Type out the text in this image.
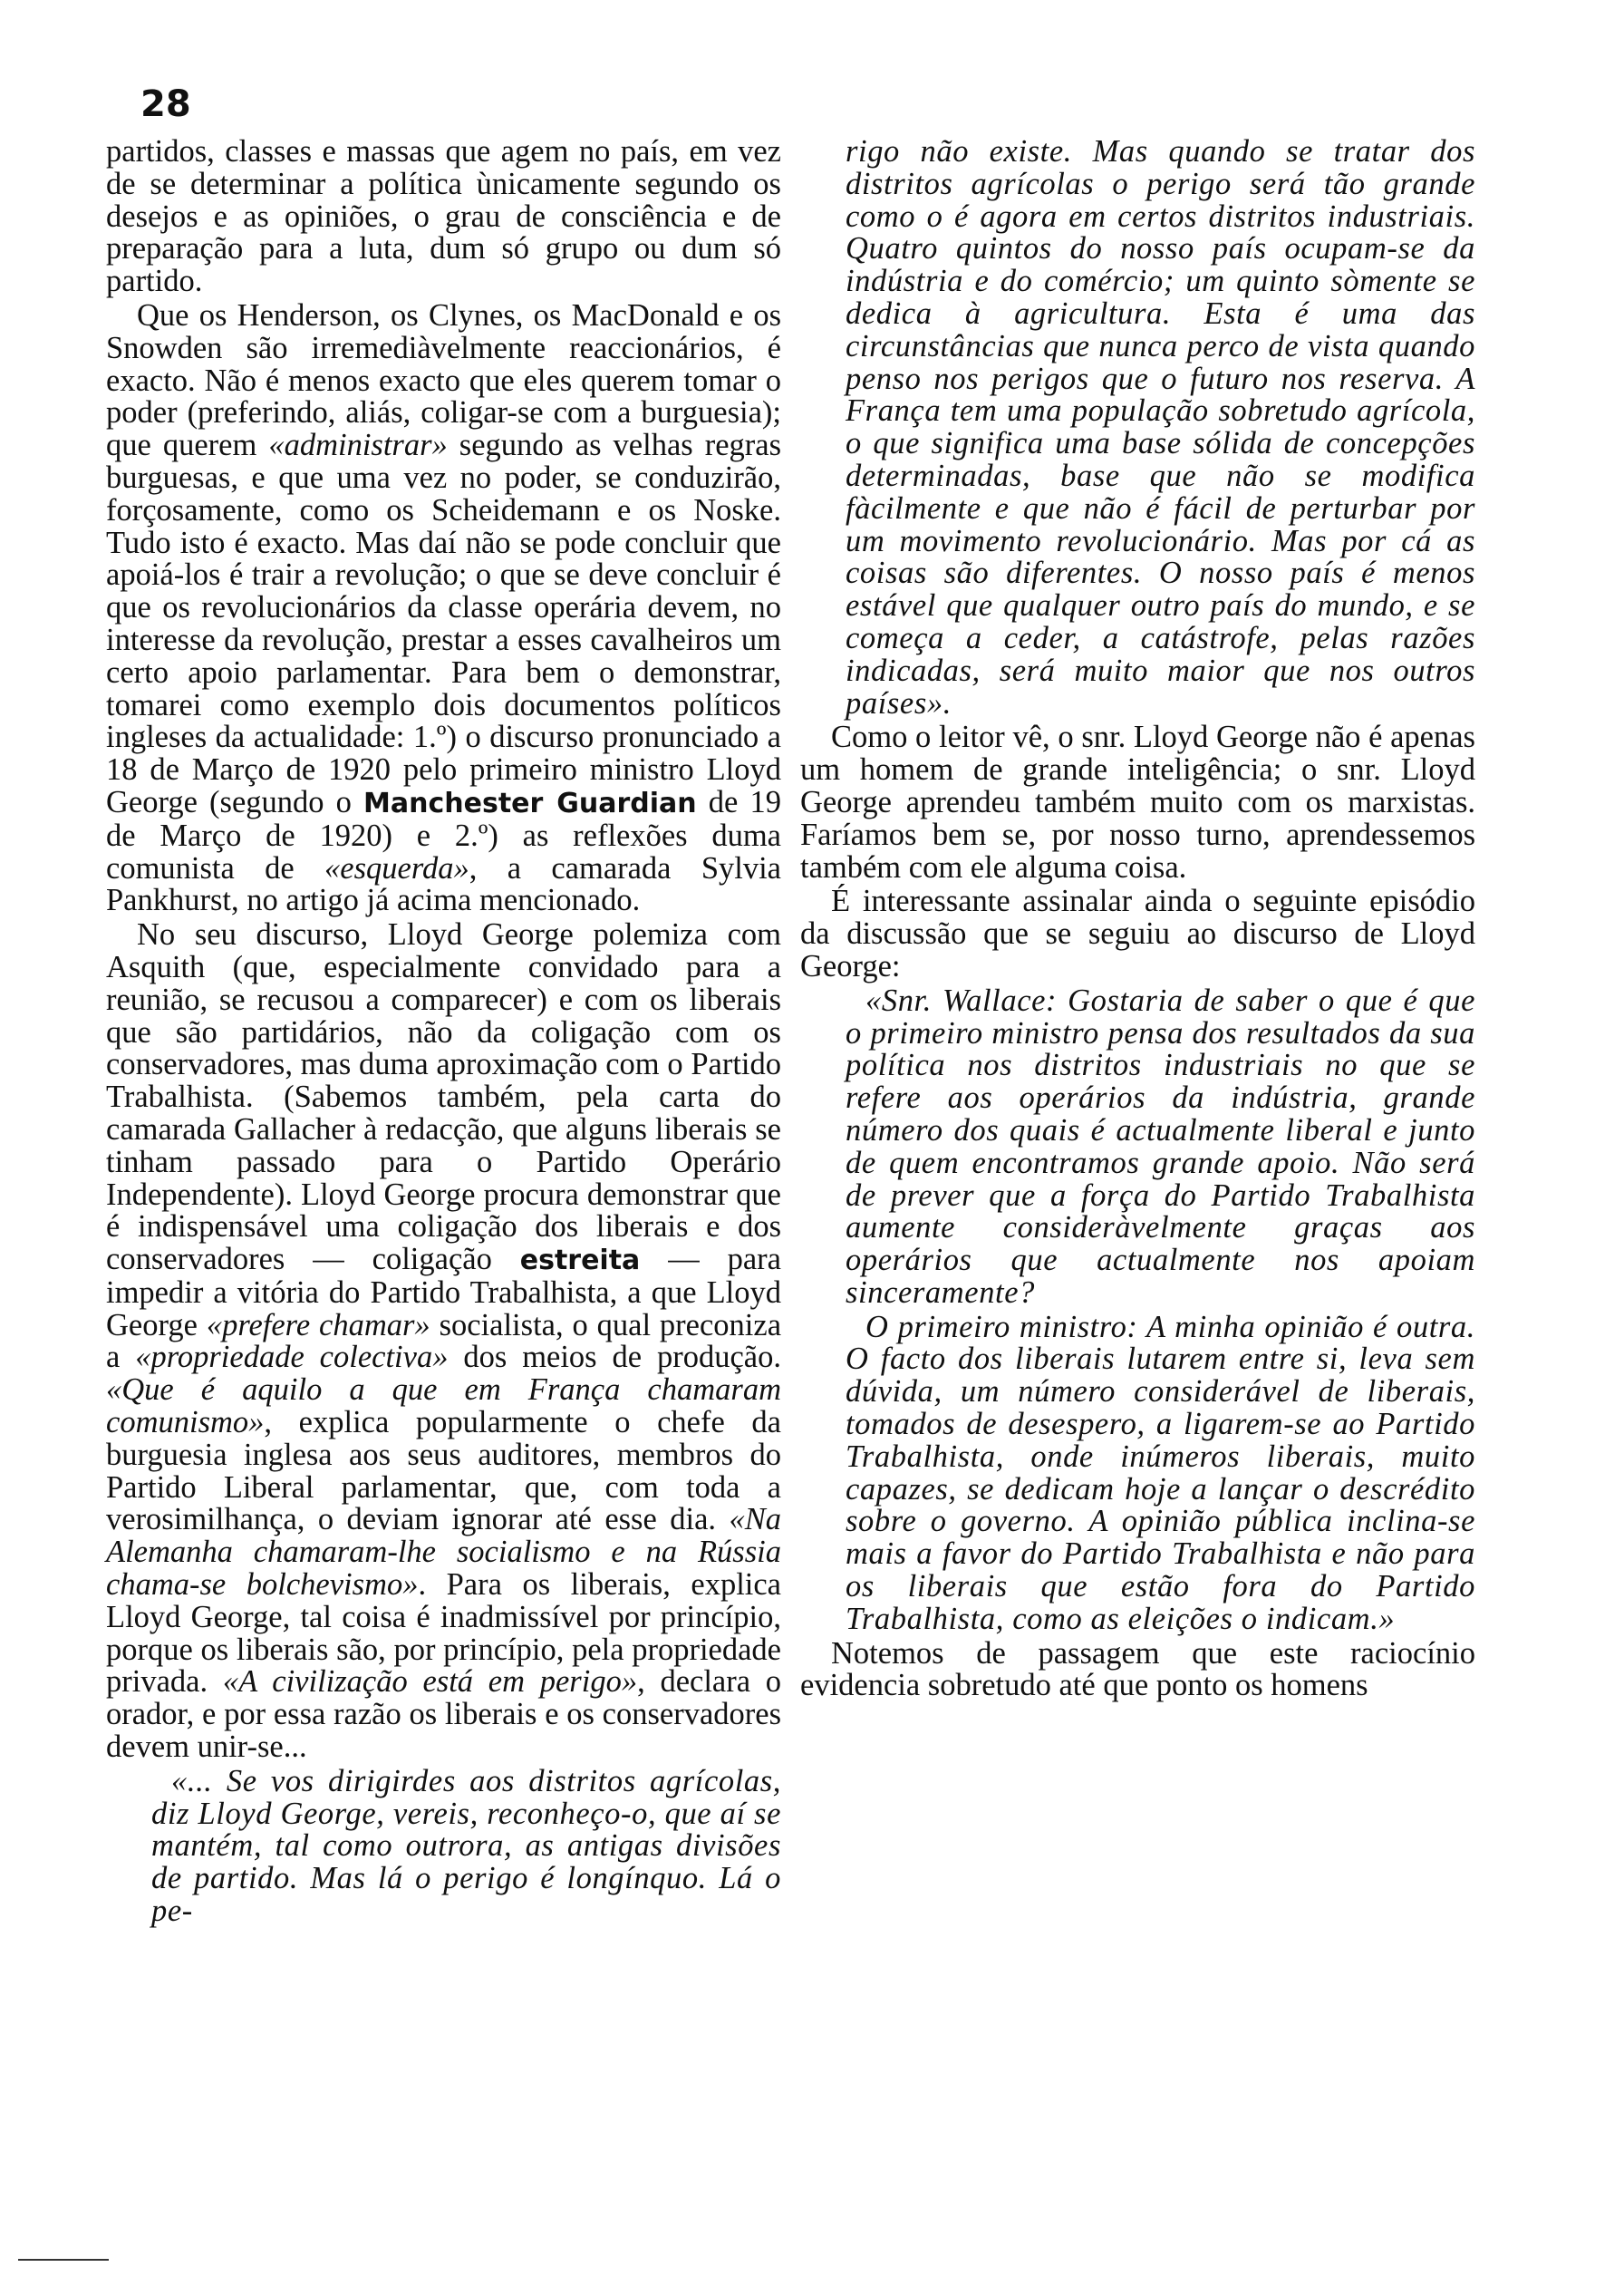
28

partidos, classes e massas que agem no país, em vez de se determinar a política ùnicamente segundo os desejos e as opiniões, o grau de consciência e de preparação para a luta, dum só grupo ou dum só partido.

Que os Henderson, os Clynes, os MacDonald e os Snowden são irremediàvelmente reaccionários, é exacto. Não é menos exacto que eles querem tomar o poder (preferindo, aliás, coligar-se com a burguesia); que querem «administrar» segundo as velhas regras burguesas, e que uma vez no poder, se conduzirão, forçosamente, como os Scheidemann e os Noske. Tudo isto é exacto. Mas daí não se pode concluir que apoiá-los é trair a revolução; o que se deve concluir é que os revolucionários da classe operária devem, no interesse da revolução, prestar a esses cavalheiros um certo apoio parlamentar. Para bem o demonstrar, tomarei como exemplo dois documentos políticos ingleses da actualidade: 1.º) o discurso pronunciado a 18 de Março de 1920 pelo primeiro ministro Lloyd George (segundo o Manchester Guardian de 19 de Março de 1920) e 2.º) as reflexões duma comunista de «esquerda», a camarada Sylvia Pankhurst, no artigo já acima mencionado.

No seu discurso, Lloyd George polemiza com Asquith (que, especialmente convidado para a reunião, se recusou a comparecer) e com os liberais que são partidários, não da coligação com os conservadores, mas duma aproximação com o Partido Trabalhista. (Sabemos também, pela carta do camarada Gallacher à redacção, que alguns liberais se tinham passado para o Partido Operário Independente). Lloyd George procura demonstrar que é indispensável uma coligação dos liberais e dos conservadores — coligação estreita — para impedir a vitória do Partido Trabalhista, a que Lloyd George «prefere chamar» socialista, o qual preconiza a «propriedade colectiva» dos meios de produção. «Que é aquilo a que em França chamaram comunismo», explica popularmente o chefe da burguesia inglesa aos seus auditores, membros do Partido Liberal parlamentar, que, com toda a verosimilhança, o deviam ignorar até esse dia. «Na Alemanha chamaram-lhe socialismo e na Rússia chama-se bolchevismo». Para os liberais, explica Lloyd George, tal coisa é inadmissível por princípio, porque os liberais são, por princípio, pela propriedade privada. «A civilização está em perigo», declara o orador, e por essa razão os liberais e os conservadores devem unir-se...

«... Se vos dirigirdes aos distritos agrícolas, diz Lloyd George, vereis, reconheço-o, que aí se mantém, tal como outrora, as antigas divisões de partido. Mas lá o perigo é longínquo. Lá o pe-

rigo não existe. Mas quando se tratar dos distritos agrícolas o perigo será tão grande como o é agora em certos distritos industriais. Quatro quintos do nosso país ocupam-se da indústria e do comércio; um quinto sòmente se dedica à agricultura. Esta é uma das circunstâncias que nunca perco de vista quando penso nos perigos que o futuro nos reserva. A França tem uma população sobretudo agrícola, o que significa uma base sólida de concepções determinadas, base que não se modifica fàcilmente e que não é fácil de perturbar por um movimento revolucionário. Mas por cá as coisas são diferentes. O nosso país é menos estável que qualquer outro país do mundo, e se começa a ceder, a catástrofe, pelas razões indicadas, será muito maior que nos outros países».

Como o leitor vê, o snr. Lloyd George não é apenas um homem de grande inteligência; o snr. Lloyd George aprendeu também muito com os marxistas. Faríamos bem se, por nosso turno, aprendessemos também com ele alguma coisa.

É interessante assinalar ainda o seguinte episódio da discussão que se seguiu ao discurso de Lloyd George:

«Snr. Wallace: Gostaria de saber o que é que o primeiro ministro pensa dos resultados da sua política nos distritos industriais no que se refere aos operários da indústria, grande número dos quais é actualmente liberal e junto de quem encontramos grande apoio. Não será de prever que a força do Partido Trabalhista aumente consideràvelmente graças aos operários que actualmente nos apoiam sinceramente?

O primeiro ministro: A minha opinião é outra. O facto dos liberais lutarem entre si, leva sem dúvida, um número considerável de liberais, tomados de desespero, a ligarem-se ao Partido Trabalhista, onde inúmeros liberais, muito capazes, se dedicam hoje a lançar o descrédito sobre o governo. A opinião pública inclina-se mais a favor do Partido Trabalhista e não para os liberais que estão fora do Partido Trabalhista, como as eleições o indicam.»

Notemos de passagem que este raciocínio evidencia sobretudo até que ponto os homens
